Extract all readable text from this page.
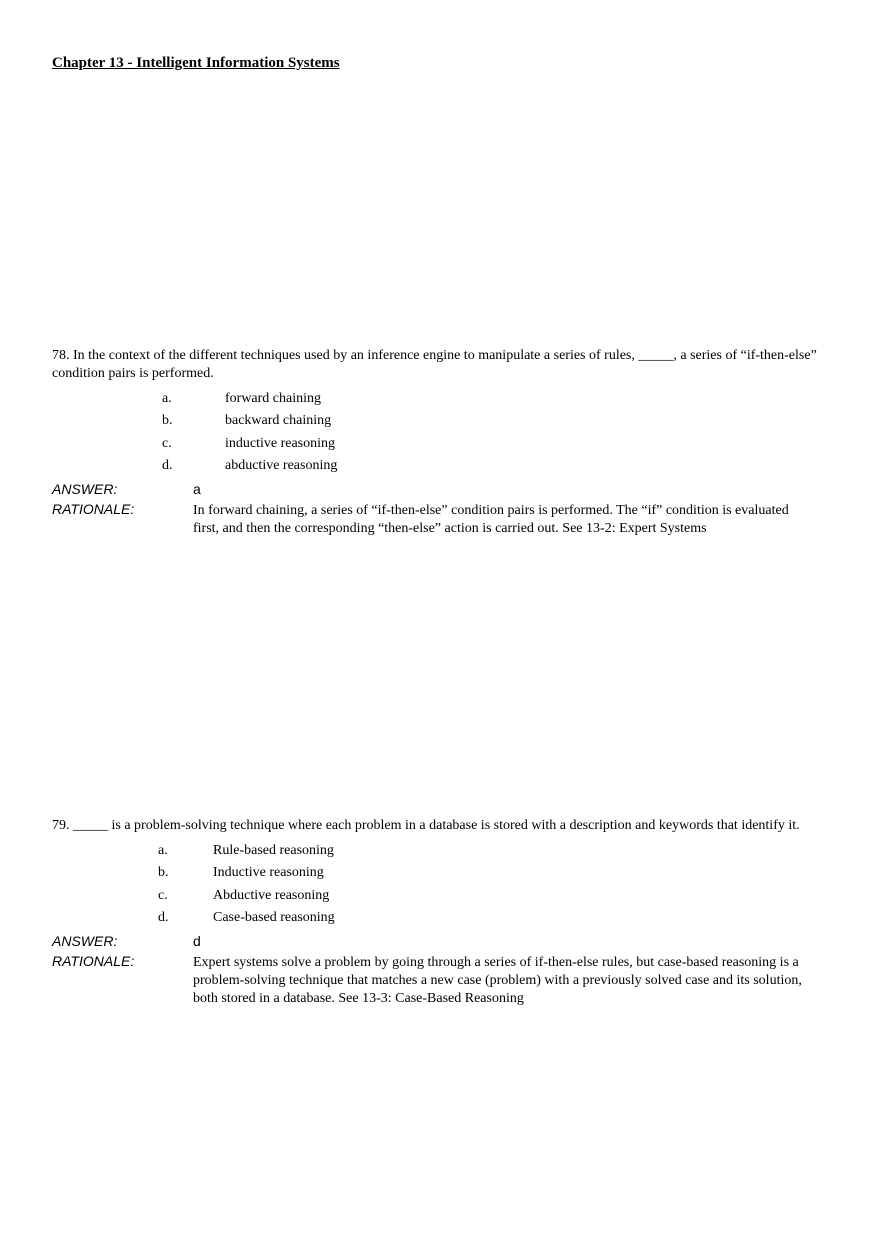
Chapter 13 - Intelligent Information Systems

78. In the context of the different techniques used by an inference engine to manipulate a series of rules, _____, a series of “if-then-else” condition pairs is performed.

a.	forward chaining
b.	backward chaining
c.	inductive reasoning
d.	abductive reasoning
ANSWER:	a
RATIONALE:	In forward chaining, a series of “if-then-else” condition pairs is performed. The “if” condition is evaluated first, and then the corresponding “then-else” action is carried out. See 13-2: Expert Systems

79. _____ is a problem-solving technique where each problem in a database is stored with a description and keywords that identify it.

a.	Rule-based reasoning
b.	Inductive reasoning
c.	Abductive reasoning
d.	Case-based reasoning
ANSWER:	d
RATIONALE:	Expert systems solve a problem by going through a series of if-then-else rules, but case-based reasoning is a problem-solving technique that matches a new case (problem) with a previously solved case and its solution, both stored in a database. See 13-3: Case-Based Reasoning
